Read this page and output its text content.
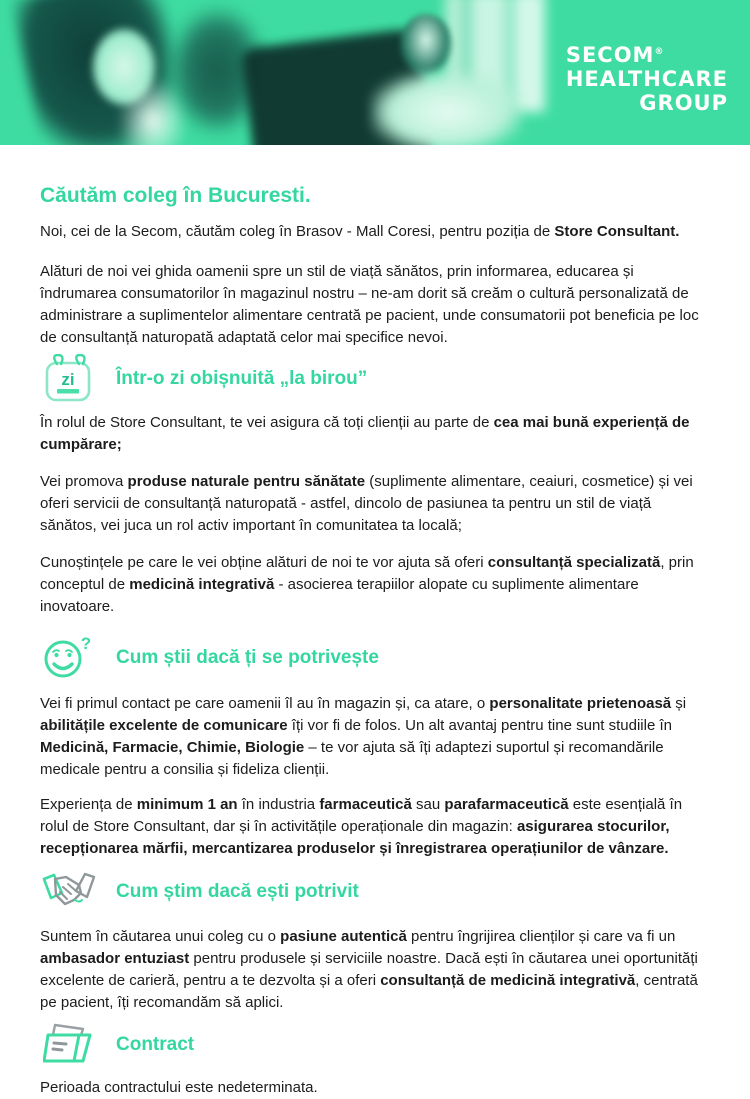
SECOM®
HEALTHCARE
GROUP
Căutăm coleg în Bucuresti.

Noi, cei de la Secom, căutăm coleg în Brasov - Mall Coresi, pentru poziția de Store Consultant.

Alături de noi vei ghida oamenii spre un stil de viață sănătos, prin informarea, educarea și îndrumarea consumatorilor în magazinul nostru – ne-am dorit să creăm o cultură personalizată de administrare a suplimentelor alimentare centrată pe pacient, unde consumatorii pot beneficia pe loc de consultanță naturopată adaptată celor mai specifice nevoi.

zi Într-o zi obișnuită „la birou”

În rolul de Store Consultant, te vei asigura că toți clienții au parte de cea mai bună experiență de cumpărare;

Vei promova produse naturale pentru sănătate (suplimente alimentare, ceaiuri, cosmetice) și vei oferi servicii de consultanță naturopată - astfel, dincolo de pasiunea ta pentru un stil de viață sănătos, vei juca un rol activ important în comunitatea ta locală;

Cunoștințele pe care le vei obține alături de noi te vor ajuta să oferi consultanță specializată, prin conceptul de medicină integrativă - asocierea terapiilor alopate cu suplimente alimentare inovatoare.

?
Cum știi dacă ți se potrivește

Vei fi primul contact pe care oamenii îl au în magazin și, ca atare, o personalitate prietenoasă și abilitățile excelente de comunicare îți vor fi de folos. Un alt avantaj pentru tine sunt studiile în Medicină, Farmacie, Chimie, Biologie – te vor ajuta să îți adaptezi suportul și recomandările medicale pentru a consilia și fideliza clienții.

Experiența de minimum 1 an în industria farmaceutică sau parafarmaceutică este esențială în rolul de Store Consultant, dar și în activitățile operaționale din magazin: asigurarea stocurilor, recepționarea mărfii, mercantizarea produselor și înregistrarea operațiunilor de vânzare.

Cum știm dacă ești potrivit

Suntem în căutarea unui coleg cu o pasiune autentică pentru îngrijirea clienților și care va fi un ambasador entuziast pentru produsele și serviciile noastre. Dacă ești în căutarea unei oportunități excelente de carieră, pentru a te dezvolta și a oferi consultanță de medicină integrativă, centrată pe pacient, îți recomandăm să aplici.

Contract

Perioada contractului este nedeterminata.
